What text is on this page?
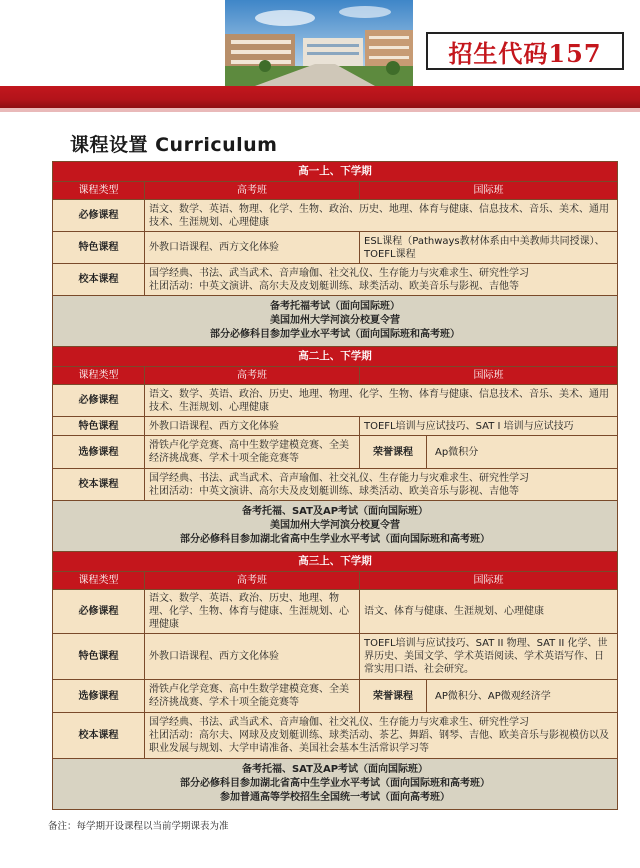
招生代码157
课程设置 Curriculum
高一上、下学期		
课程类型	高考班	国际班
必修课程	语文、数学、英语、物理、化学、生物、政治、历史、地理、体育与健康、信息技术、音乐、美术、通用技术、生涯规划、心理健康	
特色课程	外教口语课程、西方文化体验	ESL课程（Pathways教材体系由中美教师共同授课）、TOEFL课程
校本课程	国学经典、书法、武当武术、音声瑜伽、社交礼仪、生存能力与灾难求生、研究性学习
社团活动：中英文演讲、高尔夫及皮划艇训练、球类活动、欧美音乐与影视、吉他等	

备考托福考试（面向国际班）
美国加州大学河滨分校夏令营
部分必修科目参加学业水平考试（面向国际班和高考班）		

高二上、下学期		
课程类型	高考班	国际班
必修课程	语文、数学、英语、政治、历史、地理、物理、化学、生物、体育与健康、信息技术、音乐、美术、通用技术、生涯规划、心理健康	
特色课程	外教口语课程、西方文化体验	TOEFL培训与应试技巧、SAT I 培训与应试技巧
选修课程	滑铁卢化学竞赛、高中生数学建模竞赛、全美经济挑战赛、学术十项全能竞赛等	荣誉课程 Ap微积分

校本课程	国学经典、书法、武当武术、音声瑜伽、社交礼仪、生存能力与灾难求生、研究性学习
社团活动：中英文演讲、高尔夫及皮划艇训练、球类活动、欧美音乐与影视、吉他等	

备考托福、SAT及AP考试（面向国际班）
美国加州大学河滨分校夏令营
部分必修科目参加湖北省高中生学业水平考试（面向国际班和高考班）		

高三上、下学期		
课程类型	高考班	国际班
必修课程	语文、数学、英语、政治、历史、地理、物理、化学、生物、体育与健康、生涯规划、心理健康	语文、体育与健康、生涯规划、心理健康
特色课程	外教口语课程、西方文化体验	TOEFL培训与应试技巧、SAT II 物理、SAT II 化学、世界历史、美国文学、学术英语阅读、学术英语写作、日常实用口语、社会研究。
选修课程	滑铁卢化学竞赛、高中生数学建模竞赛、全美经济挑战赛、学术十项全能竞赛等	荣誉课程 AP微积分、AP微观经济学

校本课程	国学经典、书法、武当武术、音声瑜伽、社交礼仪、生存能力与灾难求生、研究性学习
社团活动：高尔夫、网球及皮划艇训练、球类活动、茶艺、舞蹈、钢琴、吉他、欧美音乐与影视模仿以及职业发展与规划、大学申请准备、美国社会基本生活常识学习等	

备考托福、SAT及AP考试（面向国际班）
部分必修科目参加湖北省高中生学业水平考试（面向国际班和高考班）
参加普通高等学校招生全国统一考试（面向高考班）		
备注：每学期开设课程以当前学期课表为准
